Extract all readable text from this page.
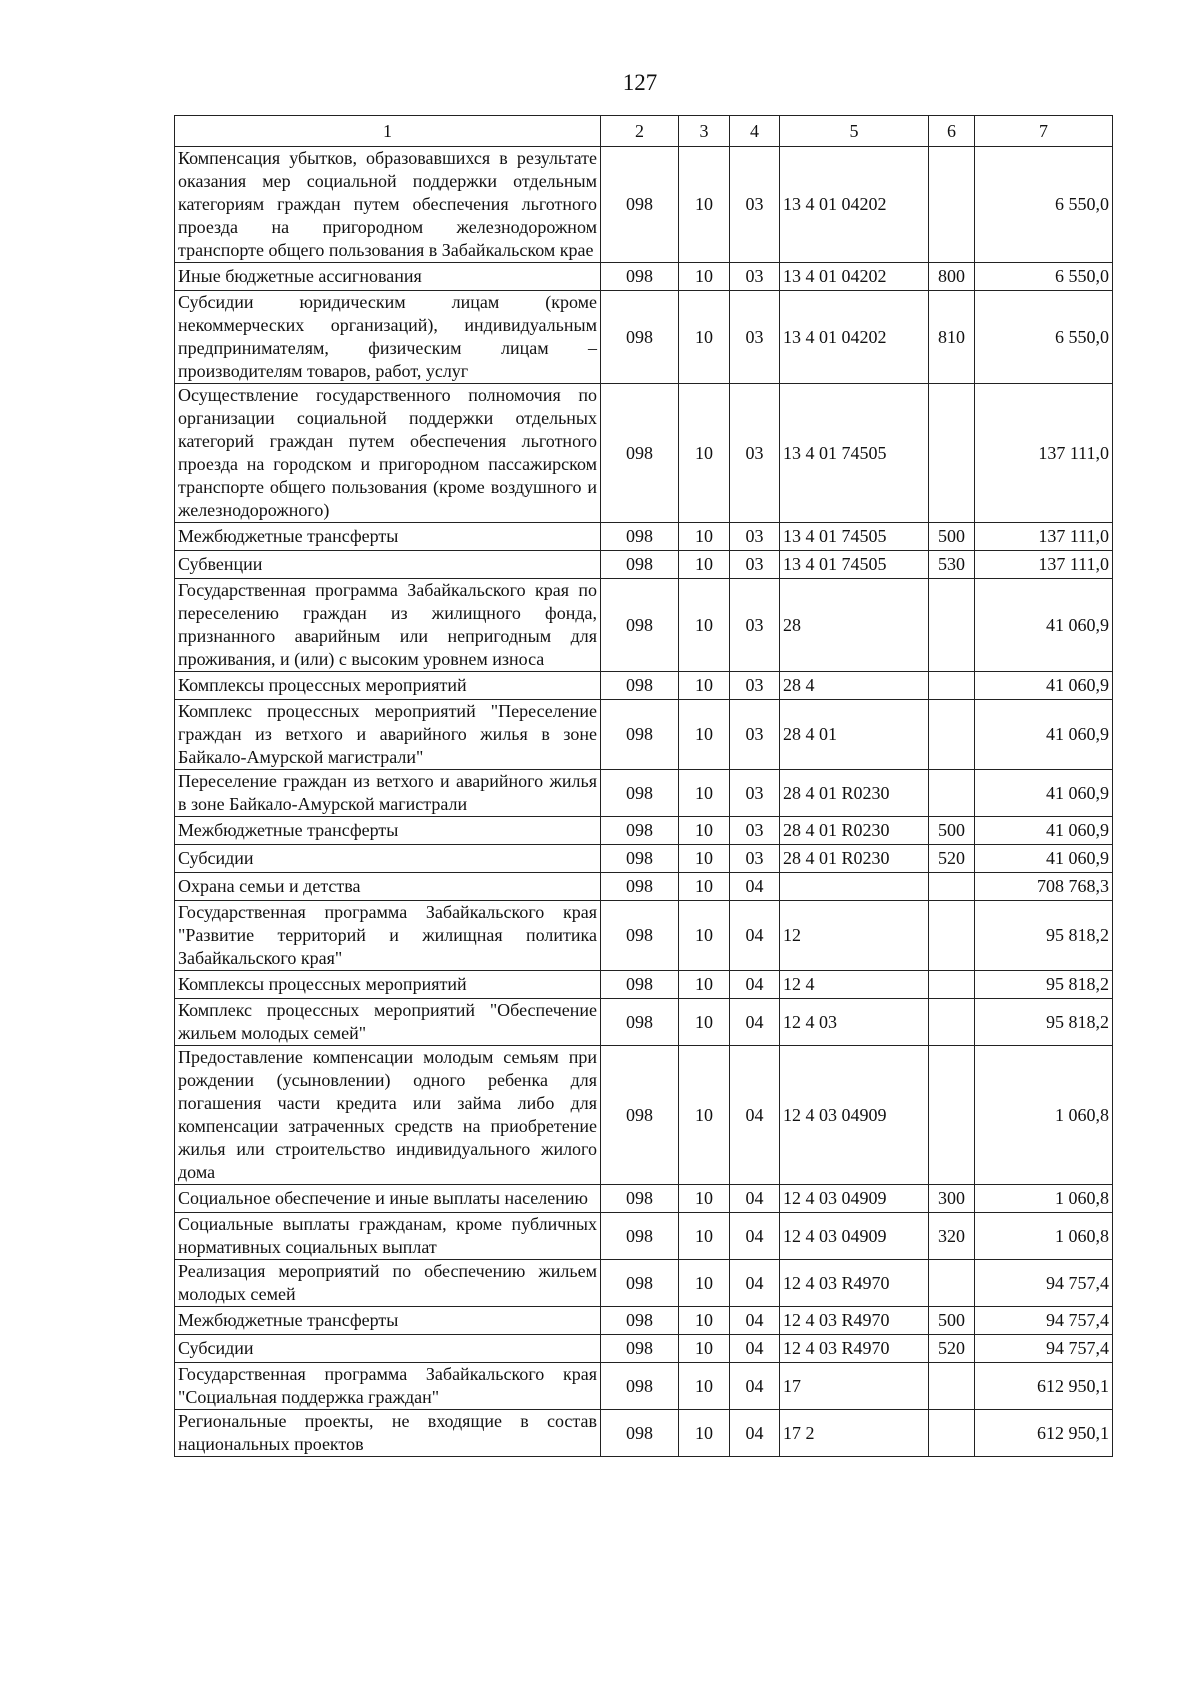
127
1	2	3	4	5	6	7
Компенсация убытков, образовавшихся в результате оказания мер социальной поддержки отдельным категориям граждан путем обеспечения льготного проезда на пригородном железнодорожном транспорте общего пользования в Забайкальском крае	098	10	03	13 4 01 04202		6 550,0
Иные бюджетные ассигнования	098	10	03	13 4 01 04202	800	6 550,0
Субсидии юридическим лицам (кроме некоммерческих организаций), индивидуальным предпринимателям, физическим лицам – производителям товаров, работ, услуг	098	10	03	13 4 01 04202	810	6 550,0
Осуществление государственного полномочия по организации социальной поддержки отдельных категорий граждан путем обеспечения льготного проезда на городском и пригородном пассажирском транспорте общего пользования (кроме воздушного и железнодорожного)	098	10	03	13 4 01 74505		137 111,0
Межбюджетные трансферты	098	10	03	13 4 01 74505	500	137 111,0
Субвенции	098	10	03	13 4 01 74505	530	137 111,0
Государственная программа Забайкальского края по переселению граждан из жилищного фонда, признанного аварийным или непригодным для проживания, и (или) с высоким уровнем износа	098	10	03	28		41 060,9
Комплексы процессных мероприятий	098	10	03	28 4		41 060,9
Комплекс процессных мероприятий "Переселение граждан из ветхого и аварийного жилья в зоне Байкало-Амурской магистрали"	098	10	03	28 4 01		41 060,9
Переселение граждан из ветхого и аварийного жилья в зоне Байкало-Амурской магистрали	098	10	03	28 4 01 R0230		41 060,9
Межбюджетные трансферты	098	10	03	28 4 01 R0230	500	41 060,9
Субсидии	098	10	03	28 4 01 R0230	520	41 060,9
Охрана семьи и детства	098	10	04			708 768,3
Государственная программа Забайкальского края "Развитие территорий и жилищная политика Забайкальского края"	098	10	04	12		95 818,2
Комплексы процессных мероприятий	098	10	04	12 4		95 818,2
Комплекс процессных мероприятий "Обеспечение жильем молодых семей"	098	10	04	12 4 03		95 818,2
Предоставление компенсации молодым семьям при рождении (усыновлении) одного ребенка для погашения части кредита или займа либо для компенсации затраченных средств на приобретение жилья или строительство индивидуального жилого дома	098	10	04	12 4 03 04909		1 060,8
Социальное обеспечение и иные выплаты населению	098	10	04	12 4 03 04909	300	1 060,8
Социальные выплаты гражданам, кроме публичных нормативных социальных выплат	098	10	04	12 4 03 04909	320	1 060,8
Реализация мероприятий по обеспечению жильем молодых семей	098	10	04	12 4 03 R4970		94 757,4
Межбюджетные трансферты	098	10	04	12 4 03 R4970	500	94 757,4
Субсидии	098	10	04	12 4 03 R4970	520	94 757,4
Государственная программа Забайкальского края "Социальная поддержка граждан"	098	10	04	17		612 950,1
Региональные проекты, не входящие в состав национальных проектов	098	10	04	17 2		612 950,1
